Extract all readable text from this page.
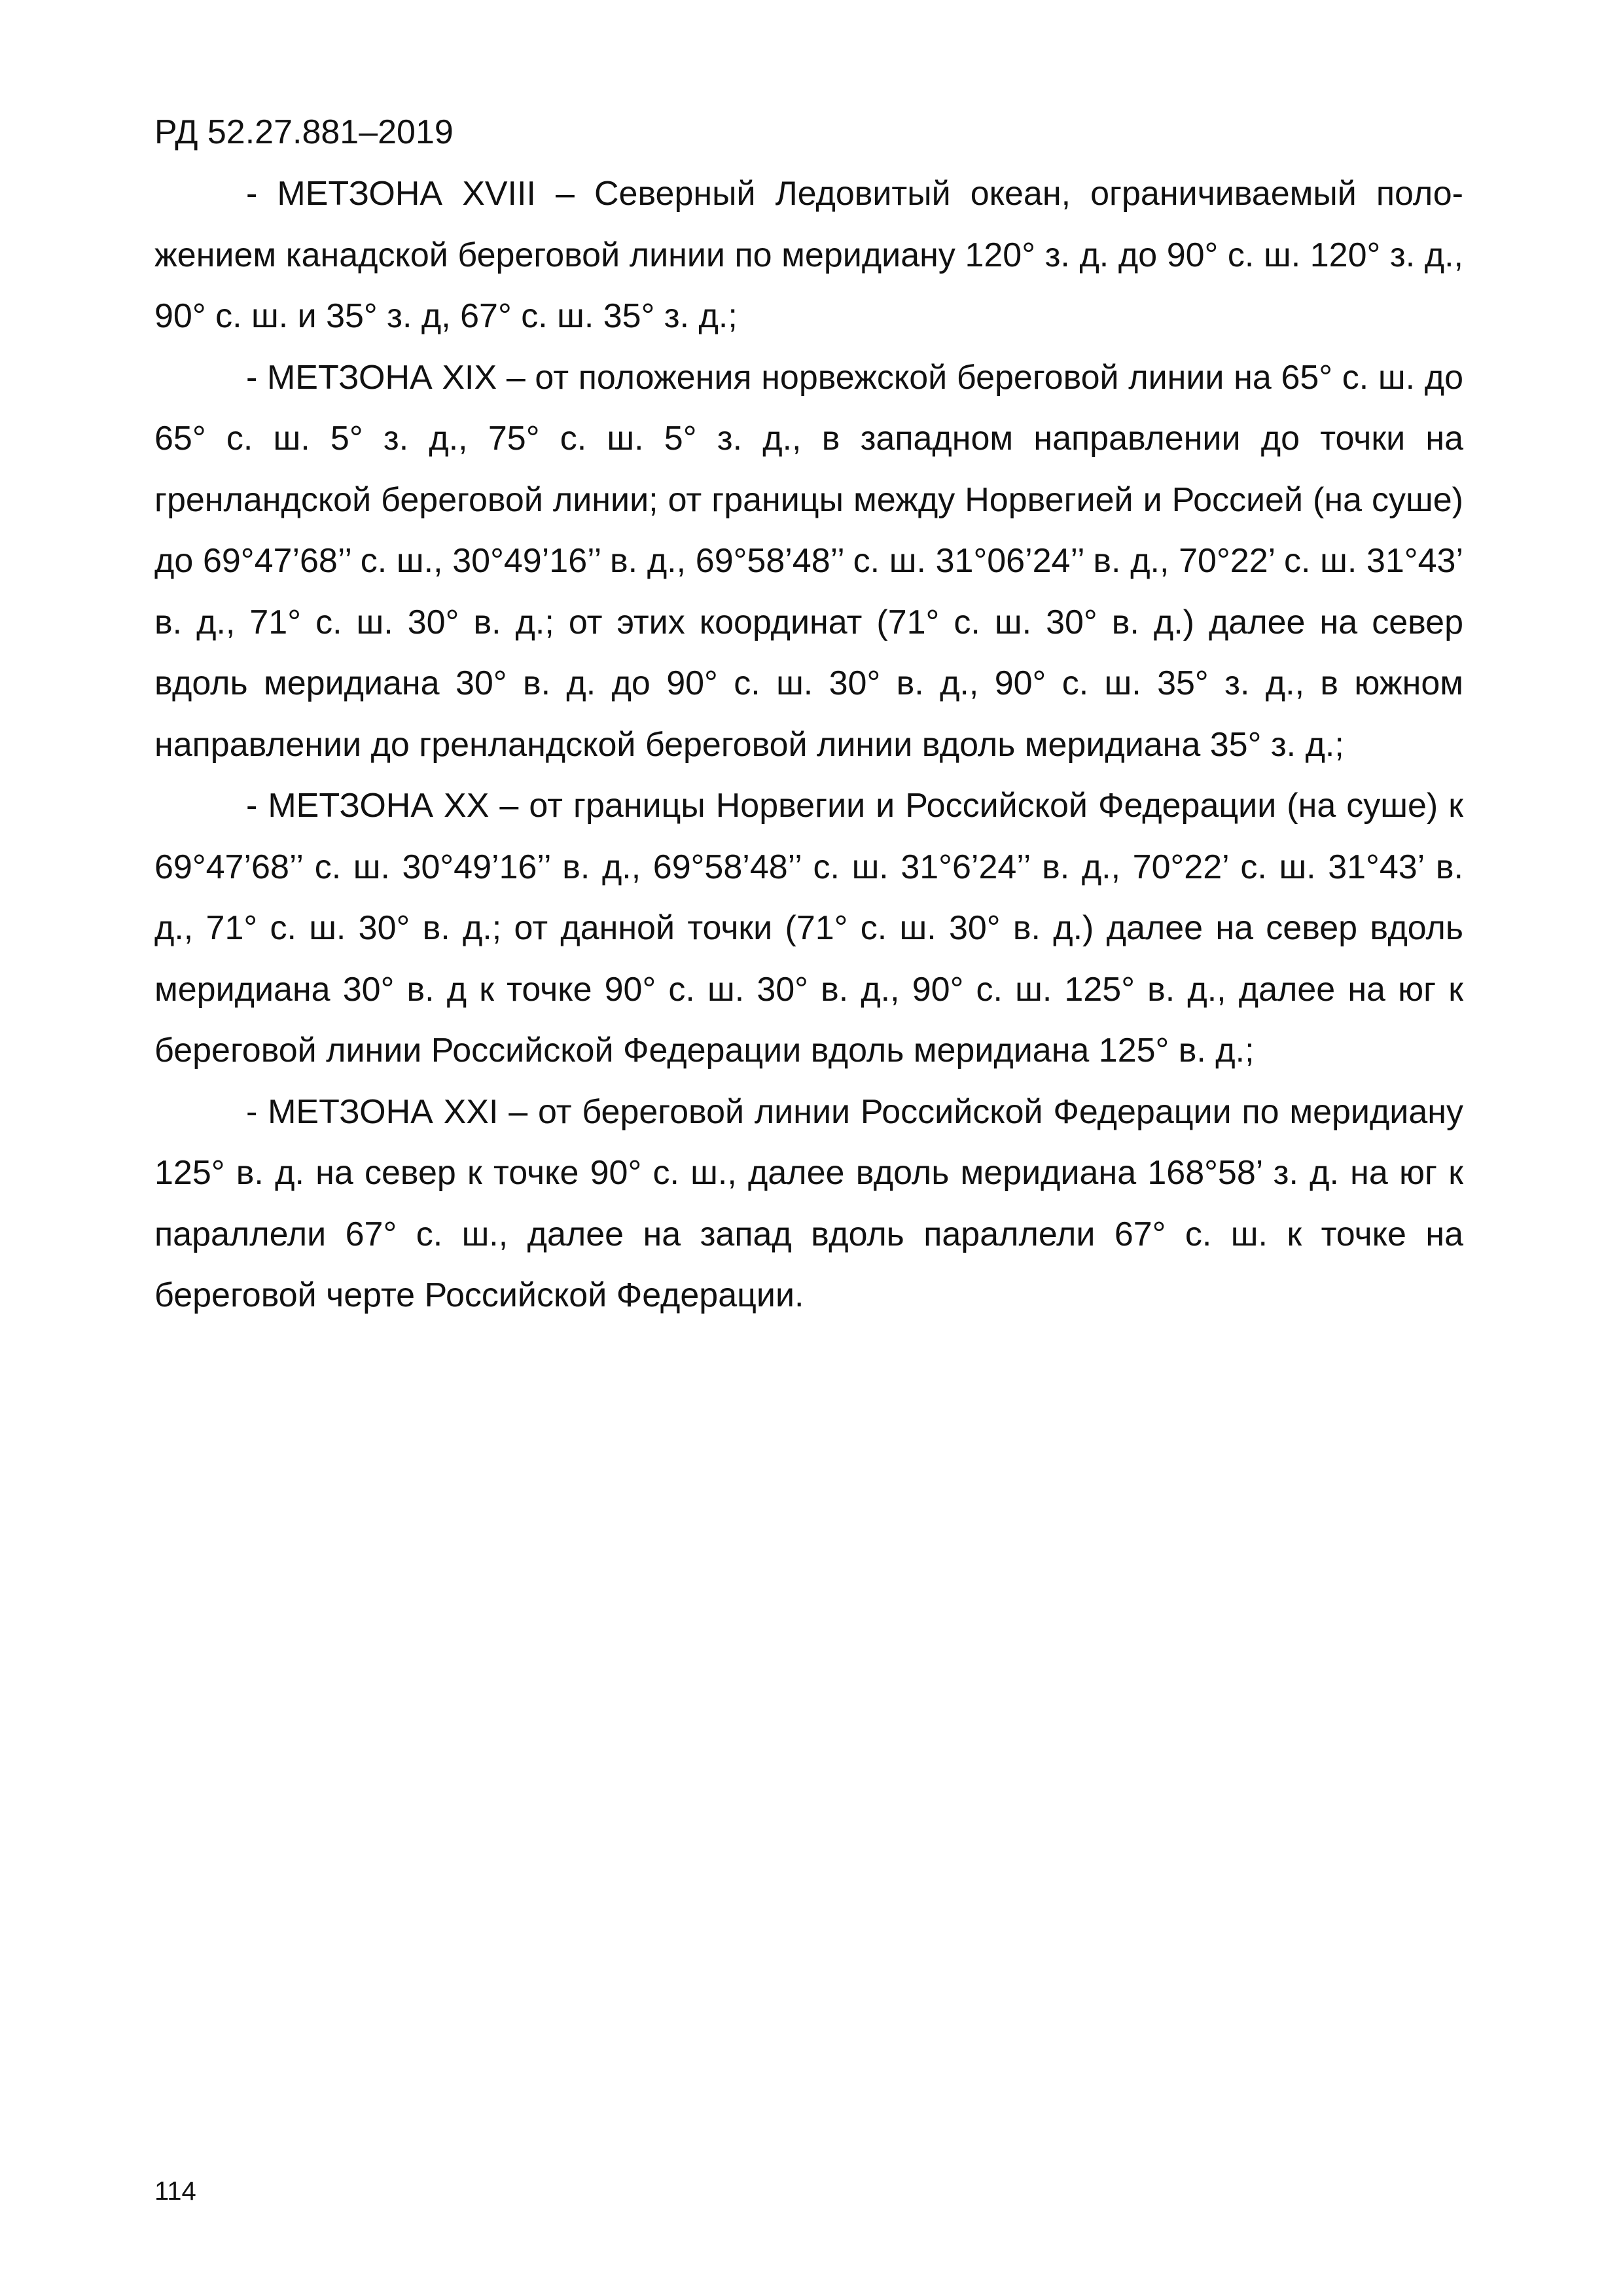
РД 52.27.881–2019

- МЕТЗОНА XVIII – Северный Ледовитый океан, ограничиваемый положением канадской береговой линии по меридиану 120° з. д. до 90° с. ш. 120° з. д., 90° с. ш. и 35° з. д, 67° с. ш. 35° з. д.;

- МЕТЗОНА XIX – от положения норвежской береговой линии на 65° с. ш. до 65° с. ш. 5° з. д., 75° с. ш. 5° з. д., в западном направлении до точки на гренландской береговой линии; от границы между Норвегией и Россией (на суше) до 69°47’68’’ с. ш., 30°49’16’’ в. д., 69°58’48’’ с. ш. 31°06’24’’ в. д., 70°22’ с. ш. 31°43’ в. д., 71° с. ш. 30° в. д.; от этих координат (71° с. ш. 30° в. д.) далее на север вдоль меридиана 30° в. д. до 90° с. ш. 30° в. д., 90° с. ш. 35° з. д., в южном направлении до гренландской береговой линии вдоль меридиана 35° з. д.;

- МЕТЗОНА XX – от границы Норвегии и Российской Федерации (на суше) к 69°47’68’’ с. ш. 30°49’16’’ в. д., 69°58’48’’ с. ш. 31°6’24’’ в. д., 70°22’ с. ш. 31°43’ в. д., 71° с. ш. 30° в. д.; от данной точки (71° с. ш. 30° в. д.) далее на север вдоль меридиана 30° в. д к точке 90° с. ш. 30° в. д., 90° с. ш. 125° в. д., далее на юг к береговой линии Российской Федерации вдоль меридиана 125° в. д.;

- МЕТЗОНА XXI – от береговой линии Российской Федерации по меридиану 125° в. д. на север к точке 90° с. ш., далее вдоль меридиана 168°58’ з. д. на юг к параллели 67° с. ш., далее на запад вдоль параллели 67° с. ш. к точке на береговой черте Российской Федерации.

114
